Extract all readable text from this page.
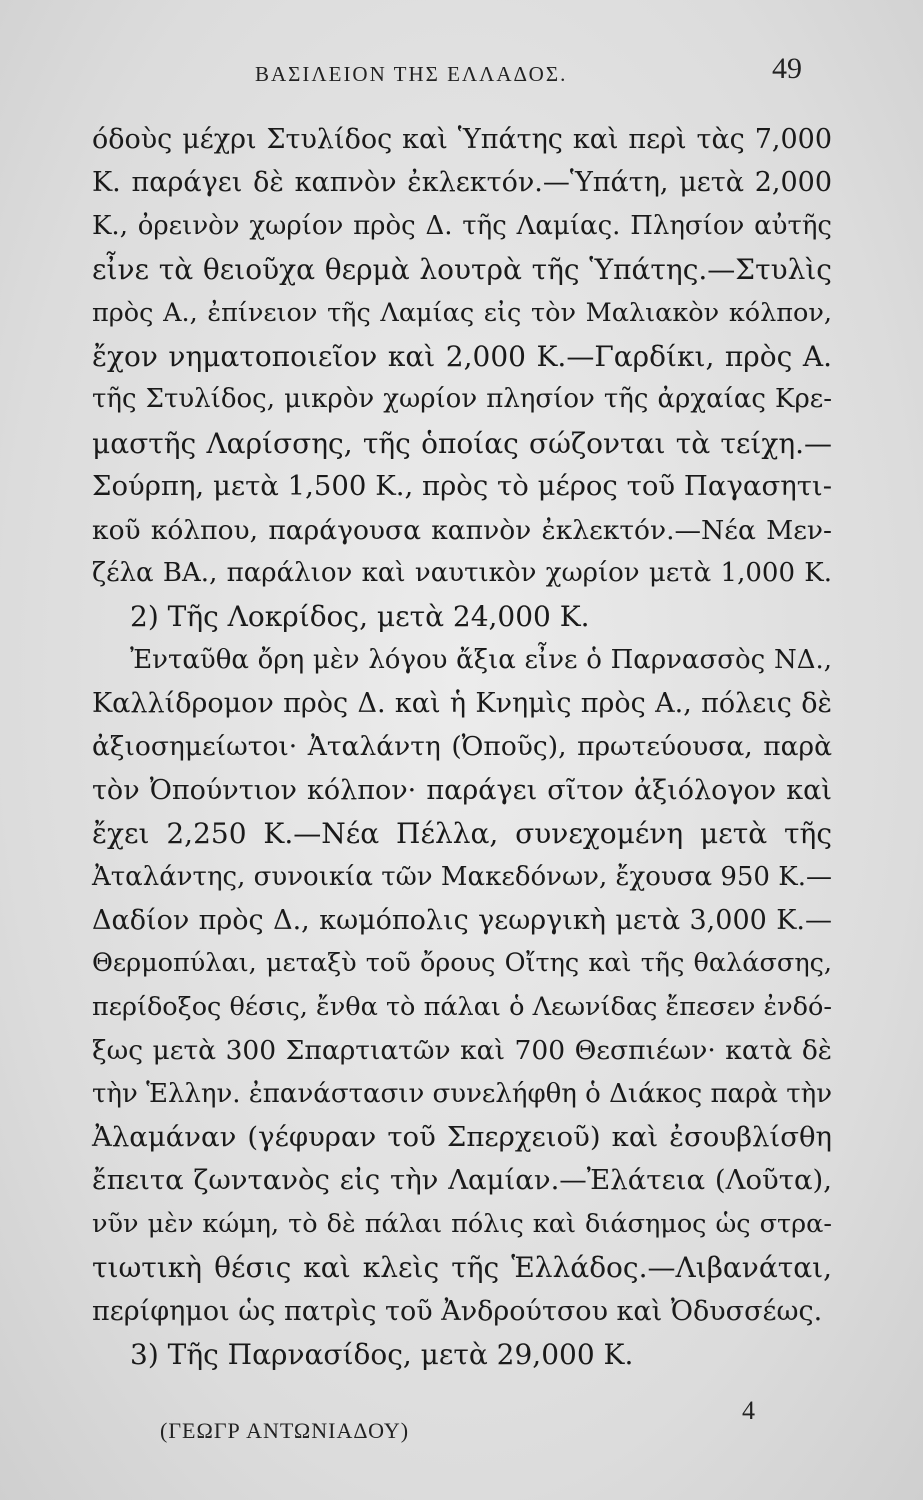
ΒΑΣΙΛΕΙΟΝ ΤΗΣ ΕΛΛΑΔΟΣ.	49
όδοὺς μέχρι Στυλίδος καὶ Ὑπάτης καὶ περὶ τὰς 7,000
Κ. παράγει δὲ καπνὸν ἐκλεκτόν.—Ὑπάτη, μετὰ 2,000
Κ., ὀρεινὸν χωρίον πρὸς Δ. τῆς Λαμίας. Πλησίον αὐτῆς
εἶνε τὰ θειοῦχα θερμὰ λουτρὰ τῆς Ὑπάτης.—Στυλὶς
πρὸς Α., ἐπίνειον τῆς Λαμίας εἰς τὸν Μαλιακὸν κόλπον,
ἔχον νηματοποιεῖον καὶ 2,000 Κ.—Γαρδίκι, πρὸς Α.
τῆς Στυλίδος, μικρὸν χωρίον πλησίον τῆς ἀρχαίας Κρε-
μαστῆς Λαρίσσης, τῆς ὁποίας σώζονται τὰ τείχη.—
Σούρπη, μετὰ 1,500 Κ., πρὸς τὸ μέρος τοῦ Παγασητι-
κοῦ κόλπου, παράγουσα καπνὸν ἐκλεκτόν.—Νέα Μεν-
ζέλα ΒΑ., παράλιον καὶ ναυτικὸν χωρίον μετὰ 1,000 Κ.
2) Τῆς Λοκρίδος, μετὰ 24,000 Κ.
Ἐνταῦθα ὄρη μὲν λόγου ἄξια εἶνε ὁ Παρνασσὸς ΝΔ.,
Καλλίδρομον πρὸς Δ. καὶ ἡ Κνημὶς πρὸς Α., πόλεις δὲ
ἀξιοσημείωτοι· Ἀταλάντη (Ὀποῦς), πρωτεύουσα, παρὰ
τὸν Ὀπούντιον κόλπον· παράγει σῖτον ἀξιόλογον καὶ
ἔχει 2,250 Κ.—Νέα Πέλλα, συνεχομένη μετὰ τῆς
Ἀταλάντης, συνοικία τῶν Μακεδόνων, ἔχουσα 950 Κ.—
Δαδίον πρὸς Δ., κωμόπολις γεωργικὴ μετὰ 3,000 Κ.—
Θερμοπύλαι, μεταξὺ τοῦ ὄρους Οἴτης καὶ τῆς θαλάσσης,
περίδοξος θέσις, ἔνθα τὸ πάλαι ὁ Λεωνίδας ἔπεσεν ἐνδό-
ξως μετὰ 300 Σπαρτιατῶν καὶ 700 Θεσπιέων· κατὰ δὲ
τὴν Ἑλλην. ἐπανάστασιν συνελήφθη ὁ Διάκος παρὰ τὴν
Ἀλαμάναν (γέφυραν τοῦ Σπερχειοῦ) καὶ ἐσουβλίσθη
ἔπειτα ζωντανὸς εἰς τὴν Λαμίαν.—Ἐλάτεια (Λοῦτα),
νῦν μὲν κώμη, τὸ δὲ πάλαι πόλις καὶ διάσημος ὡς στρα-
τιωτικὴ θέσις καὶ κλεὶς τῆς Ἑλλάδος.—Λιβανάται,
περίφημοι ὡς πατρὶς τοῦ Ἀνδρούτσου καὶ Ὀδυσσέως.
3) Τῆς Παρνασίδος, μετὰ 29,000 Κ.
(ΓΕΩΓΡ ΑΝΤΩΝΙΑΔΟΥ)
4
